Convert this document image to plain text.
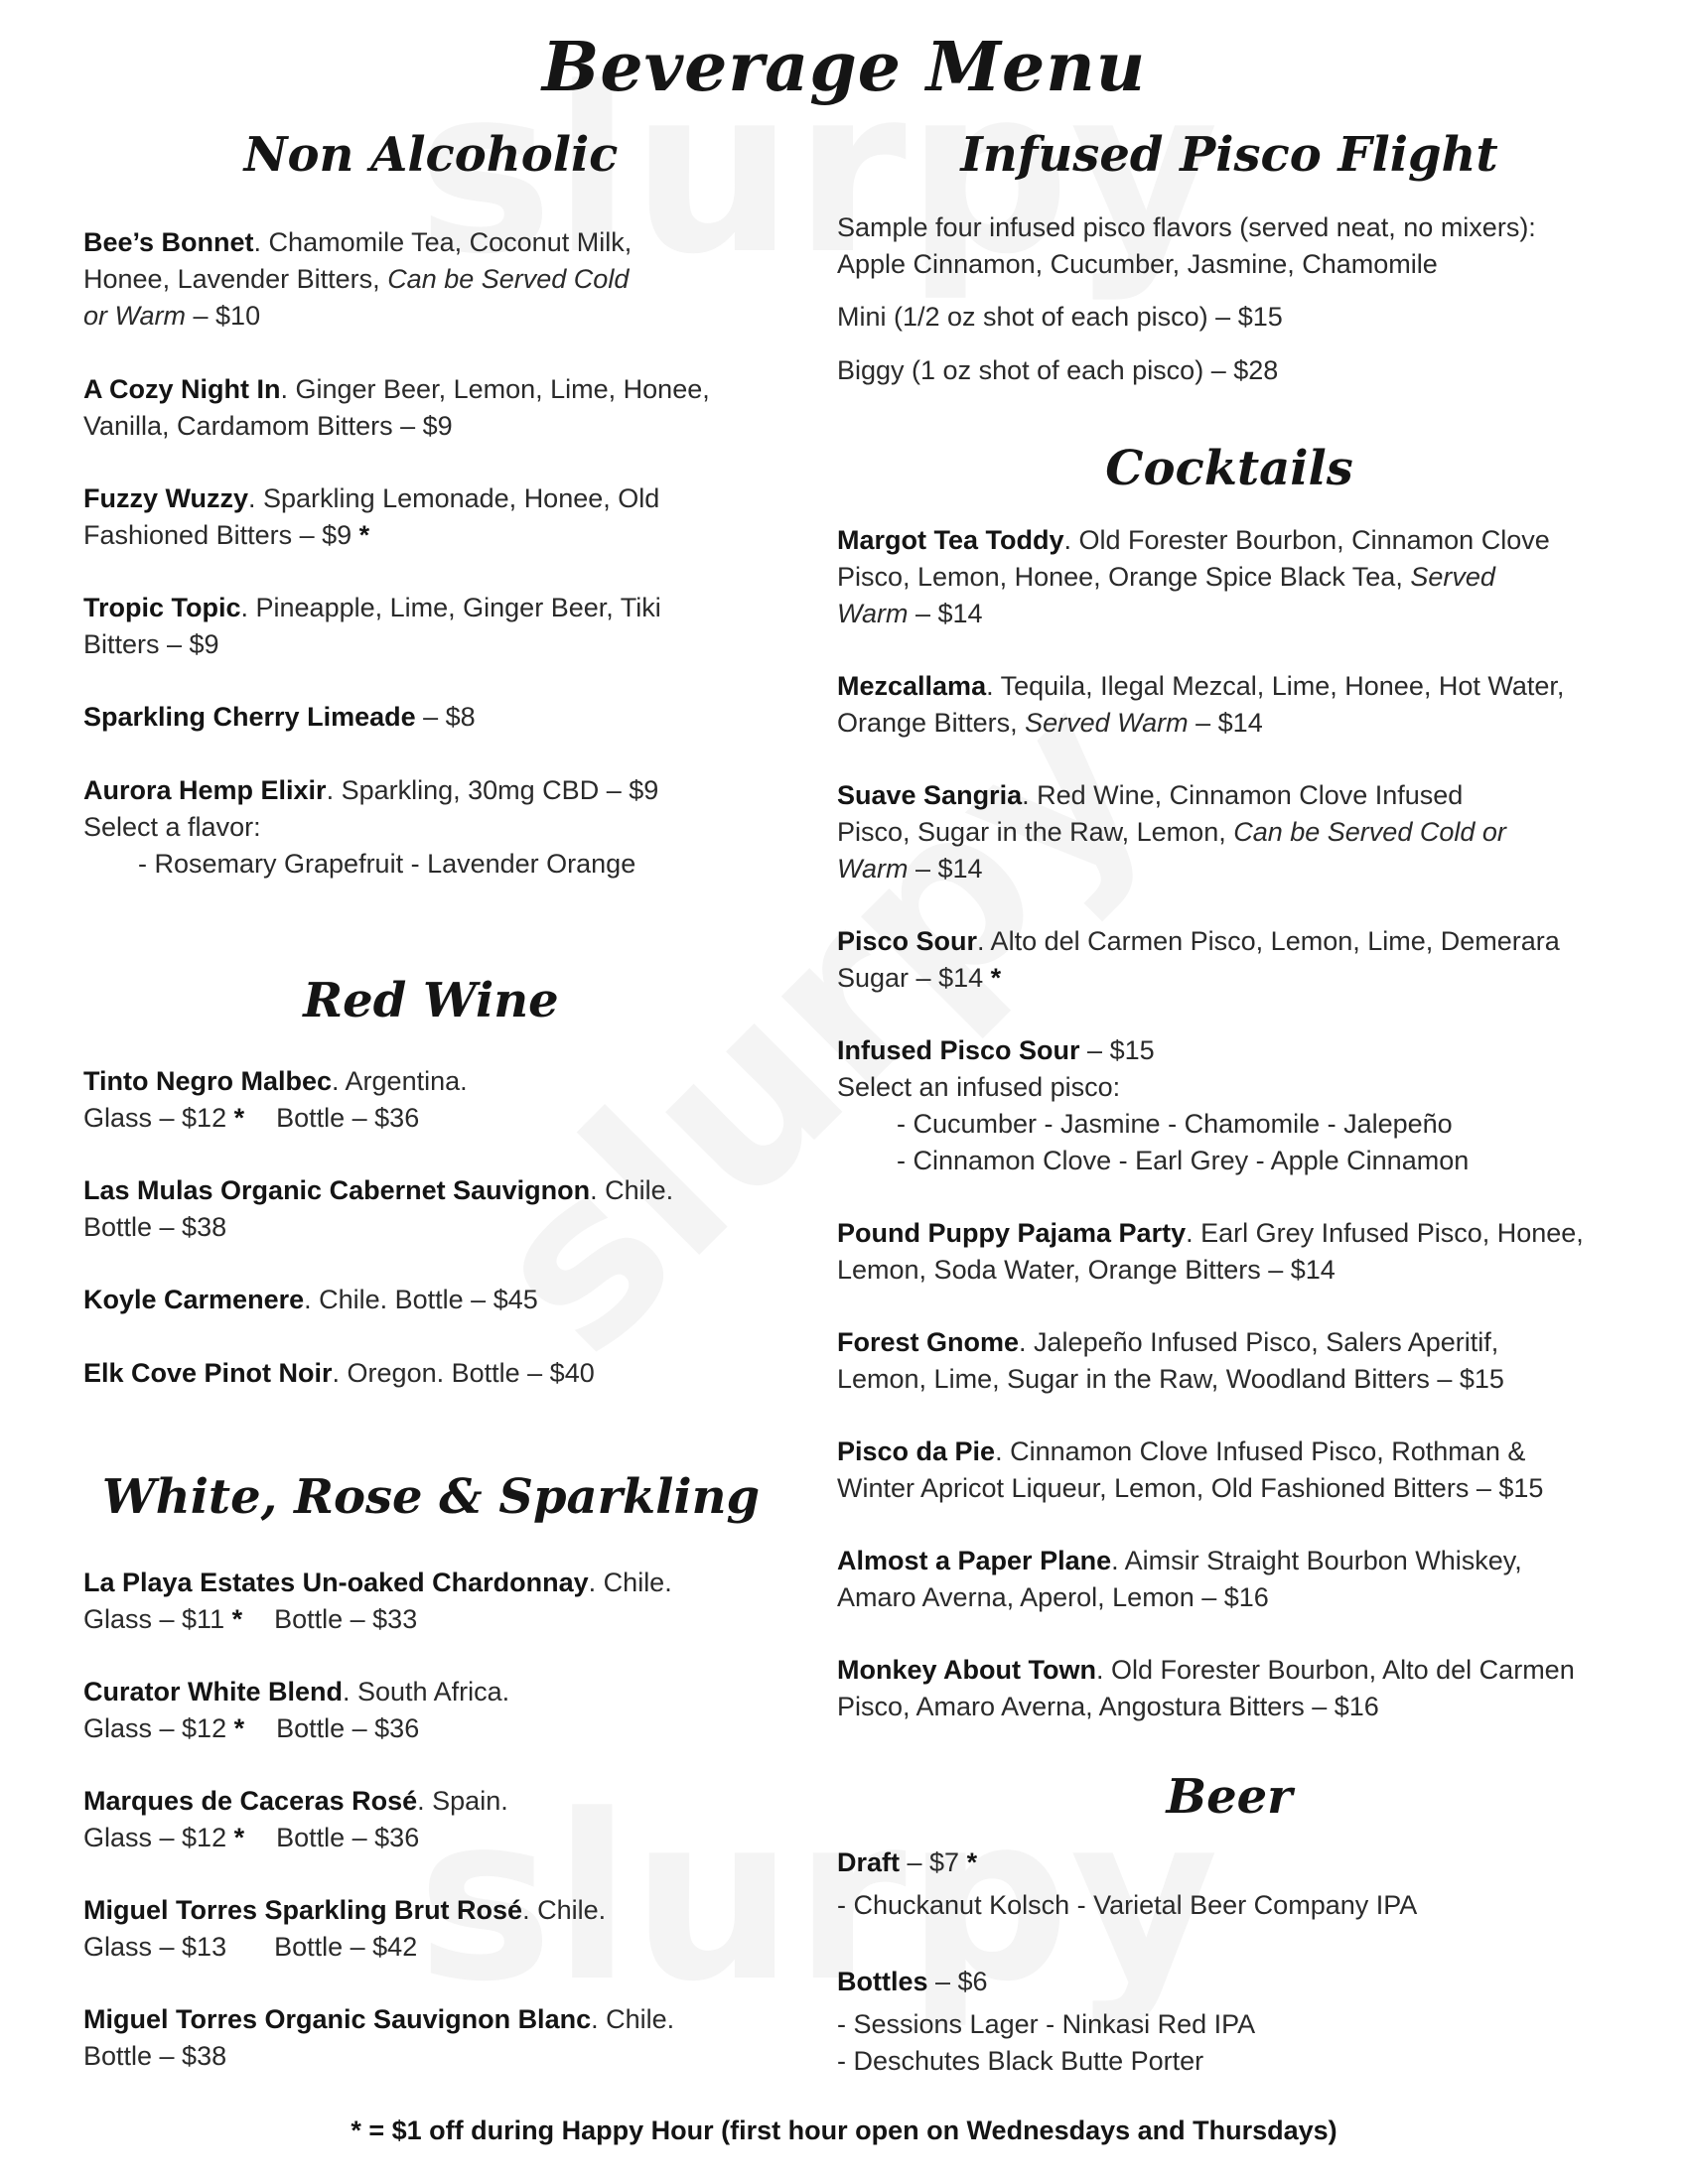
Beverage Menu
Non Alcoholic
Bee’s Bonnet. Chamomile Tea, Coconut Milk,
Honee, Lavender Bitters, Can be Served Cold
or Warm – $10
A Cozy Night In. Ginger Beer, Lemon, Lime, Honee,
Vanilla, Cardamom Bitters – $9
Fuzzy Wuzzy. Sparkling Lemonade, Honee, Old
Fashioned Bitters – $9 *
Tropic Topic. Pineapple, Lime, Ginger Beer, Tiki
Bitters – $9
Sparkling Cherry Limeade – $8
Aurora Hemp Elixir. Sparkling, 30mg CBD – $9
Select a flavor:
- Rosemary Grapefruit - Lavender Orange
Red Wine
Tinto Negro Malbec. Argentina.
Glass – $12 * Bottle – $36
Las Mulas Organic Cabernet Sauvignon. Chile.
Bottle – $38
Koyle Carmenere. Chile. Bottle – $45
Elk Cove Pinot Noir. Oregon. Bottle – $40
White, Rose & Sparkling
La Playa Estates Un-oaked Chardonnay. Chile.
Glass – $11 * Bottle – $33
Curator White Blend. South Africa.
Glass – $12 * Bottle – $36
Marques de Caceras Rosé. Spain.
Glass – $12 * Bottle – $36
Miguel Torres Sparkling Brut Rosé. Chile.
Glass – $13 Bottle – $42
Miguel Torres Organic Sauvignon Blanc. Chile.
Bottle – $38
Infused Pisco Flight
Sample four infused pisco flavors (served neat, no mixers):
Apple Cinnamon, Cucumber, Jasmine, Chamomile
Mini (1/2 oz shot of each pisco) – $15
Biggy (1 oz shot of each pisco) – $28
Cocktails
Margot Tea Toddy. Old Forester Bourbon, Cinnamon Clove
Pisco, Lemon, Honee, Orange Spice Black Tea, Served
Warm – $14
Mezcallama. Tequila, Ilegal Mezcal, Lime, Honee, Hot Water,
Orange Bitters, Served Warm – $14
Suave Sangria. Red Wine, Cinnamon Clove Infused
Pisco, Sugar in the Raw, Lemon, Can be Served Cold or
Warm – $14
Pisco Sour. Alto del Carmen Pisco, Lemon, Lime, Demerara
Sugar – $14 *
Infused Pisco Sour – $15
Select an infused pisco:
- Cucumber - Jasmine - Chamomile - Jalepeño
- Cinnamon Clove - Earl Grey - Apple Cinnamon
Pound Puppy Pajama Party. Earl Grey Infused Pisco, Honee,
Lemon, Soda Water, Orange Bitters – $14
Forest Gnome. Jalepeño Infused Pisco, Salers Aperitif,
Lemon, Lime, Sugar in the Raw, Woodland Bitters – $15
Pisco da Pie. Cinnamon Clove Infused Pisco, Rothman &
Winter Apricot Liqueur, Lemon, Old Fashioned Bitters – $15
Almost a Paper Plane. Aimsir Straight Bourbon Whiskey,
Amaro Averna, Aperol, Lemon – $16
Monkey About Town. Old Forester Bourbon, Alto del Carmen
Pisco, Amaro Averna, Angostura Bitters – $16
Beer
Draft – $7 *
- Chuckanut Kolsch - Varietal Beer Company IPA
Bottles – $6
- Sessions Lager - Ninkasi Red IPA
- Deschutes Black Butte Porter

* = $1 off during Happy Hour (first hour open on Wednesdays and Thursdays)
